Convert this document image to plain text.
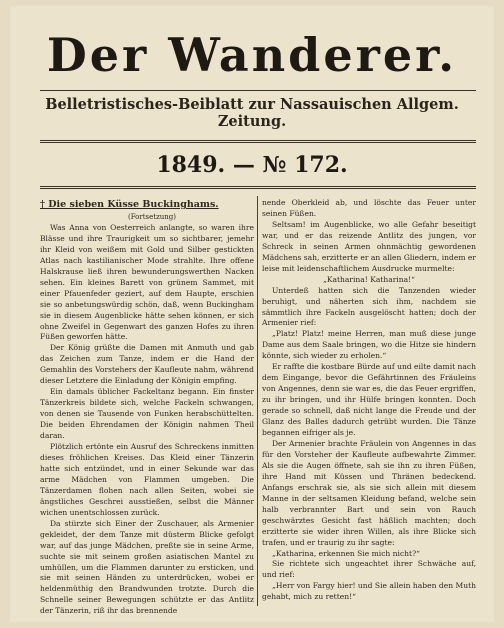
Der Wanderer.
Belletristisches-Beiblatt zur Nassauischen Allgem. Zeitung.
1849. — № 172.

† Die sieben Küsse Buckinghams.

(Fortsetzung)

Was Anna von Oesterreich anlangte, so waren ihre Blässe und ihre Traurigkeit um so sichtbarer, jemehr ihr Kleid von weißem mit Gold und Silber gestickten Atlas nach kastilianischer Mode strahlte. Ihre offene Halskrause ließ ihren bewunderungswerthen Nacken sehen. Ein kleines Barett von grünem Sammet, mit einer Pfauenfeder geziert, auf dem Haupte, erschien sie so anbetungswürdig schön, daß, wenn Buckingham sie in diesem Augenblicke hätte sehen können, er sich ohne Zweifel in Gegenwart des ganzen Hofes zu ihren Füßen geworfen hätte.

Der König grüßte die Damen mit Anmuth und gab das Zeichen zum Tanze, indem er die Hand der Gemahlin des Vorstehers der Kaufleute nahm, während dieser Letztere die Einladung der Königin empfing.

Ein damals üblicher Fackeltanz begann. Ein finster Tänzerkreis bildete sich, welche Fackeln schwangen, von denen sie Tausende von Funken herabschüttelten. Die beiden Ehrendamen der Königin nahmen Theil daran.

Plötzlich ertönte ein Ausruf des Schreckens inmitten dieses fröhlichen Kreises. Das Kleid einer Tänzerin hatte sich entzündet, und in einer Sekunde war das arme Mädchen von Flammen umgeben. Die Tänzerdamen flohen nach allen Seiten, wobei sie ängstliches Geschrei ausstießen, selbst die Männer wichen unentschlossen zurück.

Da stürzte sich Einer der Zuschauer, als Armenier gekleidet, der dem Tanze mit düsterm Blicke gefolgt war, auf das junge Mädchen, preßte sie in seine Arme, suchte sie mit seinem großen asiatischen Mantel zu umhüllen, um die Flammen darunter zu ersticken, und sie mit seinen Händen zu unterdrücken, wobei er heldenmüthig den Brandwunden trotzte. Durch die Schnelle seiner Bewegungen schützte er das Antlitz der Tänzerin, riß ihr das brennende

nende Oberkleid ab, und löschte das Feuer unter seinen Füßen.

Seltsam! im Augenblicke, wo alle Gefahr beseitigt war, und er das reizende Antlitz des jungen, vor Schreck in seinen Armen ohnmächtig gewordenen Mädchens sah, erzitterte er an allen Gliedern, indem er leise mit leidenschaftlichem Ausdrucke murmelte:

„Katharina! Katharina!“

Unterdeß hatten sich die Tanzenden wieder beruhigt, und näherten sich ihm, nachdem sie sämmtlich ihre Fackeln ausgelöscht hatten; doch der Armenier rief:

„Platz! Platz! meine Herren, man muß diese junge Dame aus dem Saale bringen, wo die Hitze sie hindern könnte, sich wieder zu erholen.“

Er raffte die kostbare Bürde auf und eilte damit nach dem Eingange, bevor die Gefährtinnen des Fräuleins von Angennes, denn sie war es, die das Feuer ergriffen, zu ihr bringen, und ihr Hülfe bringen konnten. Doch gerade so schnell, daß nicht lange die Freude und der Glanz des Balles dadurch getrübt wurden. Die Tänze begannen eifriger als je.

Der Armenier brachte Fräulein von Angennes in das für den Vorsteher der Kaufleute aufbewahrte Zimmer. Als sie die Augen öffnete, sah sie ihn zu ihren Füßen, ihre Hand mit Küssen und Thränen bedeckend. Anfangs erschrak sie, als sie sich allein mit diesem Manne in der seltsamen Kleidung befand, welche sein halb verbrannter Bart und sein von Rauch geschwärztes Gesicht fast häßlich machten; doch erzitterte sie wider ihren Willen, als ihre Blicke sich trafen, und er traurig zu ihr sagte:

„Katharina, erkennen Sie mich nicht?“

Sie richtete sich ungeachtet ihrer Schwäche auf, und rief:

„Herr von Fargy hier! und Sie allein haben den Muth gehabt, mich zu retten!“
